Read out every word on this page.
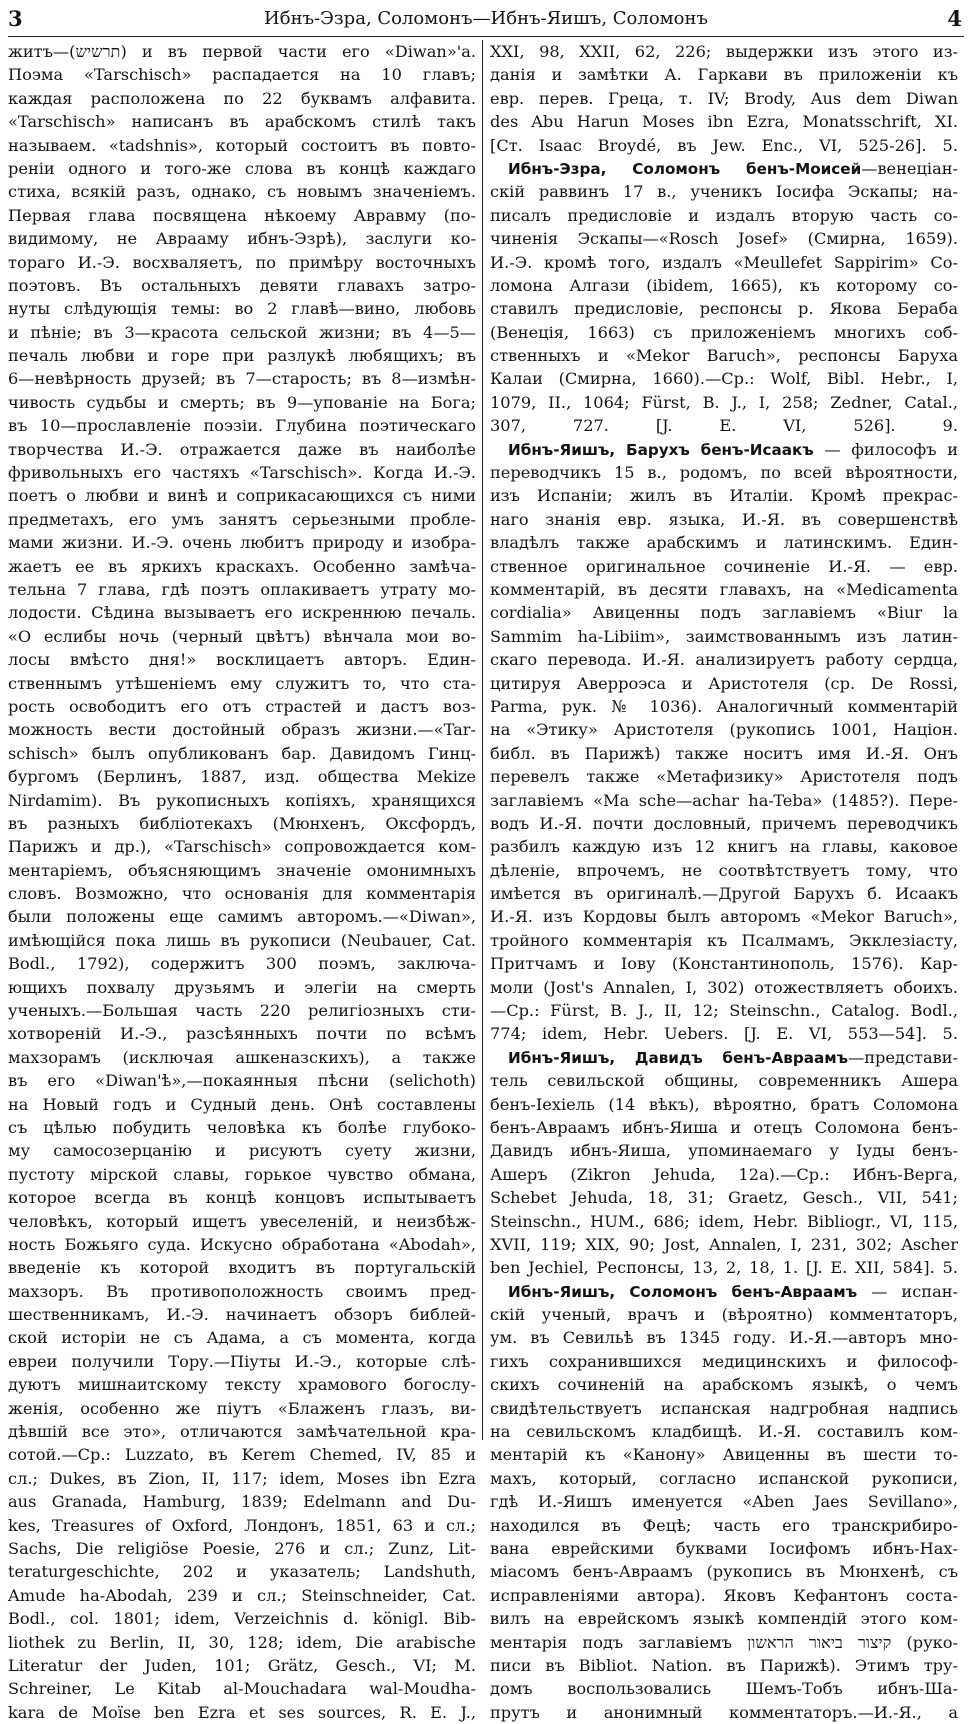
3	Ибнъ-Эзра, Соломонъ—Ибнъ-Яишъ, Соломонъ	4
житъ—(תרשיש) и въ первой части его «Diwan»'a.
Поэма «Tarschisch» распадается на 10 главъ;
каждая расположена по 22 буквамъ алфавита.
«Tarschisch» написанъ въ арабскомъ стилѣ такъ
называем. «tadshnis», который состоитъ въ повто-
реніи одного и того-же слова въ концѣ каждаго
стиха, всякій разъ, однако, съ новымъ значеніемъ.
Первая глава посвящена нѣкоему Авравму (по-
видимому, не Аврааму ибнъ-Эзрѣ), заслуги ко-
тораго И.-Э. восхваляетъ, по примѣру восточныхъ
поэтовъ. Въ остальныхъ девяти главахъ затро-
нуты слѣдующія темы: во 2 главѣ—вино, любовь
и пѣніе; въ 3—красота сельской жизни; въ 4—5—
печаль любви и горе при разлукѣ любящихъ; въ
6—невѣрность друзей; въ 7—старость; въ 8—измѣн-
чивость судьбы и смерть; въ 9—упованіе на Бога;
въ 10—прославленіе поэзіи. Глубина поэтическаго
творчества И.-Э. отражается даже въ наиболѣе
фривольныхъ его частяхъ «Tarschisch». Когда И.-Э.
поетъ о любви и винѣ и соприкасающихся съ ними
предметахъ, его умъ занятъ серьезными пробле-
мами жизни. И.-Э. очень любитъ природу и изобра-
жаетъ ее въ яркихъ краскахъ. Особенно замѣча-
тельна 7 глава, гдѣ поэтъ оплакиваетъ утрату мо-
лодости. Сѣдина вызываетъ его искреннюю печаль.
«О еслибы ночь (черный цвѣтъ) вѣнчала мои во-
лосы вмѣсто дня!» восклицаетъ авторъ. Един-
ственнымъ утѣшеніемъ ему служитъ то, что ста-
рость освободитъ его отъ страстей и дастъ воз-
можность вести достойный образъ жизни.—«Tar-
schisch» былъ опубликованъ бар. Давидомъ Гинц-
бургомъ (Берлинъ, 1887, изд. общества Mekize
Nirdamim). Въ рукописныхъ копіяхъ, хранящихся
въ разныхъ библіотекахъ (Мюнхенъ, Оксфордъ,
Парижъ и др.), «Tarschisch» сопровождается ком-
ментаріемъ, объясняющимъ значеніе омонимныхъ
словъ. Возможно, что основанія для комментарія
были положены еще самимъ авторомъ.—«Diwan»,
имѣющійся пока лишь въ рукописи (Neubauer, Cat.
Bodl., 1792), содержитъ 300 поэмъ, заключа-
ющихъ похвалу друзьямъ и элегіи на смерть
ученыхъ.—Большая часть 220 религіозныхъ сти-
хотвореній И.-Э., разсѣянныхъ почти по всѣмъ
махзорамъ (исключая ашкеназскихъ), а также
въ его «Diwan'ѣ»,—покаянныя пѣсни (selichoth)
на Новый годъ и Судный день. Онѣ составлены
съ цѣлью побудить человѣка къ болѣе глубоко-
му самосозерцанію и рисуютъ суету жизни,
пустоту мірской славы, горькое чувство обмана,
которое всегда въ концѣ концовъ испытываетъ
человѣкъ, который ищетъ увеселеній, и неизбѣж-
ность Божьяго суда. Искусно обработана «Abodah»,
введеніе къ которой входитъ въ португальскій
махзоръ. Въ противоположность своимъ пред-
шественникамъ, И.-Э. начинаетъ обзоръ библей-
ской исторіи не съ Адама, а съ момента, когда
евреи получили Тору.—Піуты И.-Э., которые слѣ-
дуютъ мишнаитскому тексту храмового богослу-
женія, особенно же піутъ «Блаженъ глазъ, ви-
дѣвшій все это», отличаются замѣчательной кра-
сотой.—Ср.: Luzzato, въ Kerem Chemed, IV, 85 и
сл.; Dukes, въ Zion, II, 117; idem, Moses ibn Ezra
aus Granada, Hamburg, 1839; Edelmann and Du-
kes, Treasures of Oxford, Лондонъ, 1851, 63 и сл.;
Sachs, Die religiöse Poesie, 276 и сл.; Zunz, Lit-
teraturgeschichte, 202 и указатель; Landshuth,
Amude ha-Abodah, 239 и сл.; Steinschneider, Cat.
Bodl., col. 1801; idem, Verzeichnis d. königl. Bib-
liothek zu Berlin, II, 30, 128; idem, Die arabische
Literatur der Juden, 101; Grätz, Gesch., VI; M.
Schreiner, Le Kitab al-Mouchadara wal-Moudha-
kara de Moïse ben Ezra et ses sources, R. E. J.,
XXI, 98, XXII, 62, 226; выдержки изъ этого из-
данія и замѣтки А. Гаркави въ приложеніи къ
евр. перев. Греца, т. IV; Brody, Aus dem Diwan
des Abu Harun Moses ibn Ezra, Monatsschrift, XI.
[Ст. Isaac Broydé, въ Jew. Enc., VI, 525-26]. 5.
Ибнъ-Эзра, Соломонъ бенъ-Моисей—венеціан-
скій раввинъ 17 в., ученикъ Іосифа Эскапы; на-
писалъ предисловіе и издалъ вторую часть со-
чиненія Эскапы—«Rosch Josef» (Смирна, 1659).
И.-Э. кромѣ того, издалъ «Meullefet Sappirim» Со-
ломона Алгази (ibidem, 1665), къ которому со-
ставилъ предисловіе, респонсы р. Якова Бераба
(Венеція, 1663) съ приложеніемъ многихъ соб-
ственныхъ и «Mekor Baruch», респонсы Баруха
Калаи (Смирна, 1660).—Ср.: Wolf, Bibl. Hebr., I,
1079, II., 1064; Fürst, B. J., I, 258; Zedner, Catal.,
307, 727. [J. E. VI, 526]. 9.
Ибнъ-Яишъ, Барухъ бенъ-Исаакъ — философъ и
переводчикъ 15 в., родомъ, по всей вѣроятности,
изъ Испаніи; жилъ въ Италіи. Кромѣ прекрас-
наго знанія евр. языка, И.-Я. въ совершенствѣ
владѣлъ также арабскимъ и латинскимъ. Един-
ственное оригинальное сочиненіе И.-Я. — евр.
комментарій, въ десяти главахъ, на «Medicamenta
cordialia» Авиценны подъ заглавіемъ «Biur la
Sammim ha-Libiim», заимствованнымъ изъ латин-
скаго перевода. И.-Я. анализируетъ работу сердца,
цитируя Аверроэса и Аристотеля (ср. De Rossi,
Parma, рук. № 1036). Аналогичный комментарій
на «Этику» Аристотеля (рукопись 1001, Націон.
библ. въ Парижѣ) также носитъ имя И.-Я. Онъ
перевелъ также «Метафизику» Аристотеля подъ
заглавіемъ «Ma sche—achar ha-Teba» (1485?). Пере-
водъ И.-Я. почти дословный, причемъ переводчикъ
разбилъ каждую изъ 12 книгъ на главы, каковое
дѣленіе, впрочемъ, не соотвѣтствуетъ тому, что
имѣется въ оригиналѣ.—Другой Барухъ б. Исаакъ
И.-Я. изъ Кордовы былъ авторомъ «Mekor Baruch»,
тройного комментарія къ Псалмамъ, Экклезіасту,
Притчамъ и Іову (Константинополь, 1576). Кар-
моли (Jost's Annalen, I, 302) отожествляетъ обоихъ.
—Ср.: Fürst, B. J., II, 12; Steinschn., Catalog. Bodl.,
774; idem, Hebr. Uebers. [J. E. VI, 553—54]. 5.
Ибнъ-Яишъ, Давидъ бенъ-Авраамъ—представи-
тель севильской общины, современникъ Ашера
бенъ-Іехіель (14 вѣкъ), вѣроятно, братъ Соломона
бенъ-Авраамъ ибнъ-Яиша и отецъ Соломона бенъ-
Давидъ ибнъ-Яиша, упоминаемаго у Іуды бенъ-
Ашеръ (Zikron Jehuda, 12a).—Ср.: Ибнъ-Верга,
Schebet Jehuda, 18, 31; Graetz, Gesch., VII, 541;
Steinschn., HUM., 686; idem, Hebr. Bibliogr., VI, 115,
XVII, 119; XIX, 90; Jost, Annalen, I, 231, 302; Ascher
ben Jechiel, Респонсы, 13, 2, 18, 1. [J. E. XII, 584]. 5.
Ибнъ-Яишъ, Соломонъ бенъ-Авраамъ — испан-
скій ученый, врачъ и (вѣроятно) комментаторъ,
ум. въ Севильѣ въ 1345 году. И.-Я.—авторъ мно-
гихъ сохранившихся медицинскихъ и философ-
скихъ сочиненій на арабскомъ языкѣ, о чемъ
свидѣтельствуетъ испанская надгробная надпись
на севильскомъ кладбищѣ. И.-Я. составилъ ком-
ментарій къ «Канону» Авиценны въ шести то-
махъ, который, согласно испанской рукописи,
гдѣ И.-Яишъ именуется «Aben Jaes Sevillano»,
находился въ Фецѣ; часть его транскрибиро-
вана еврейскими буквами Іосифомъ ибнъ-Нах-
міасомъ бенъ-Авраамъ (рукопись въ Мюнхенѣ, съ
исправленіями автора). Яковъ Кефантонъ соста-
вилъ на еврейскомъ языкѣ компендій этого ком-
ментарія подъ заглавіемъ קיצור ביאור הראשון (руко-
писи въ Bibliot. Nation. въ Парижѣ). Этимъ тру-
домъ воспользовались Шемъ-Тобъ ибнъ-Ша-
прутъ и анонимный комментаторъ.—И.-Я., а
